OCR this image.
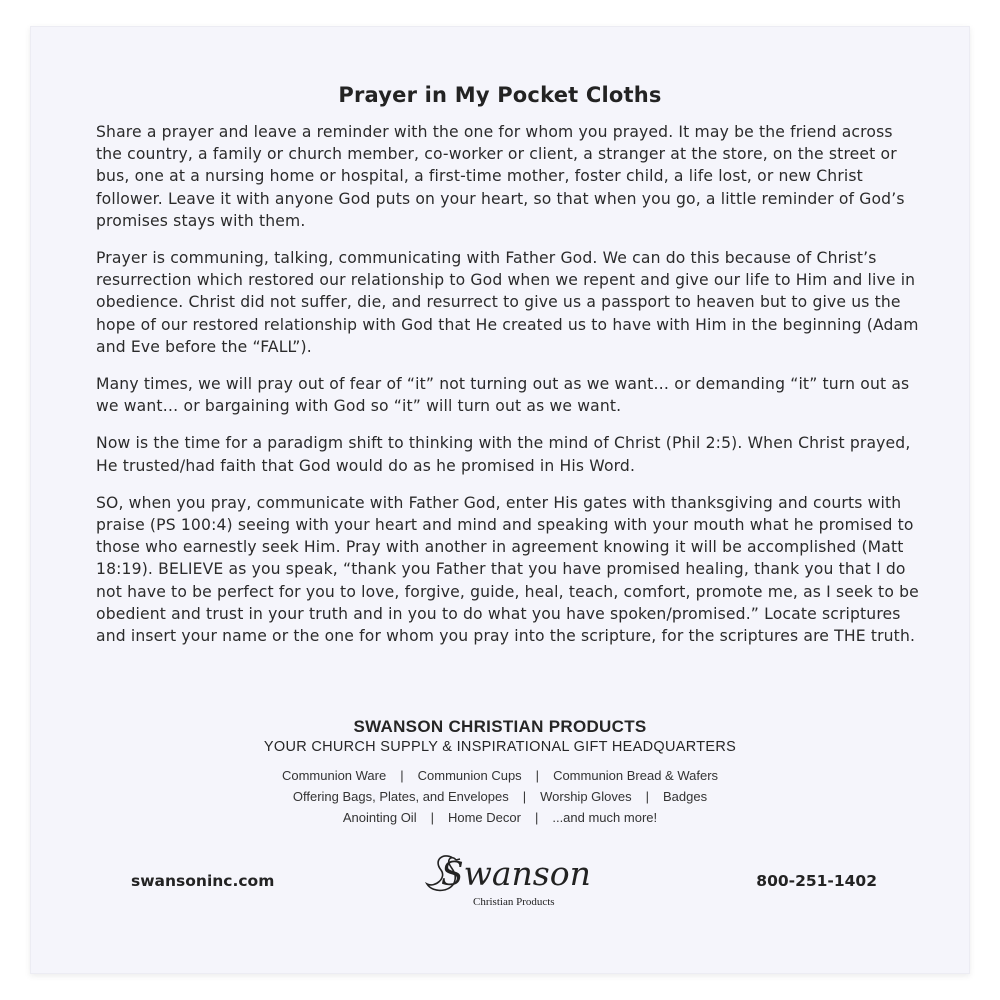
Prayer in My Pocket Cloths

Share a prayer and leave a reminder with the one for whom you prayed. It may be the friend across the country, a family or church member, co-worker or client, a stranger at the store, on the street or bus, one at a nursing home or hospital, a first-time mother, foster child, a life lost, or new Christ follower. Leave it with anyone God puts on your heart, so that when you go, a little reminder of God’s promises stays with them.

Prayer is communing, talking, communicating with Father God. We can do this because of Christ’s resurrection which restored our relationship to God when we repent and give our life to Him and live in obedience. Christ did not suffer, die, and resurrect to give us a passport to heaven but to give us the hope of our restored relationship with God that He created us to have with Him in the beginning (Adam and Eve before the “FALL”).

Many times, we will pray out of fear of “it” not turning out as we want… or demanding “it” turn out as we want… or bargaining with God so “it” will turn out as we want.

Now is the time for a paradigm shift to thinking with the mind of Christ (Phil 2:5). When Christ prayed, He trusted/had faith that God would do as he promised in His Word.

SO, when you pray, communicate with Father God, enter His gates with thanksgiving and courts with praise (PS 100:4) seeing with your heart and mind and speaking with your mouth what he promised to those who earnestly seek Him. Pray with another in agreement knowing it will be accomplished (Matt 18:19). BELIEVE as you speak, “thank you Father that you have promised healing, thank you that I do not have to be perfect for you to love, forgive, guide, heal, teach, comfort, promote me, as I seek to be obedient and trust in your truth and in you to do what you have spoken/promised.” Locate scriptures and insert your name or the one for whom you pray into the scripture, for the scriptures are THE truth.

SWANSON CHRISTIAN PRODUCTS
YOUR CHURCH SUPPLY & INSPIRATIONAL GIFT HEADQUARTERS
Communion Ware | Communion Cups | Communion Bread & Wafers
Offering Bags, Plates, and Envelopes | Worship Gloves | Badges
Anointing Oil | Home Decor | ...and much more!
swansoninc.com	Swanson
Christian Products
800-251-1402
